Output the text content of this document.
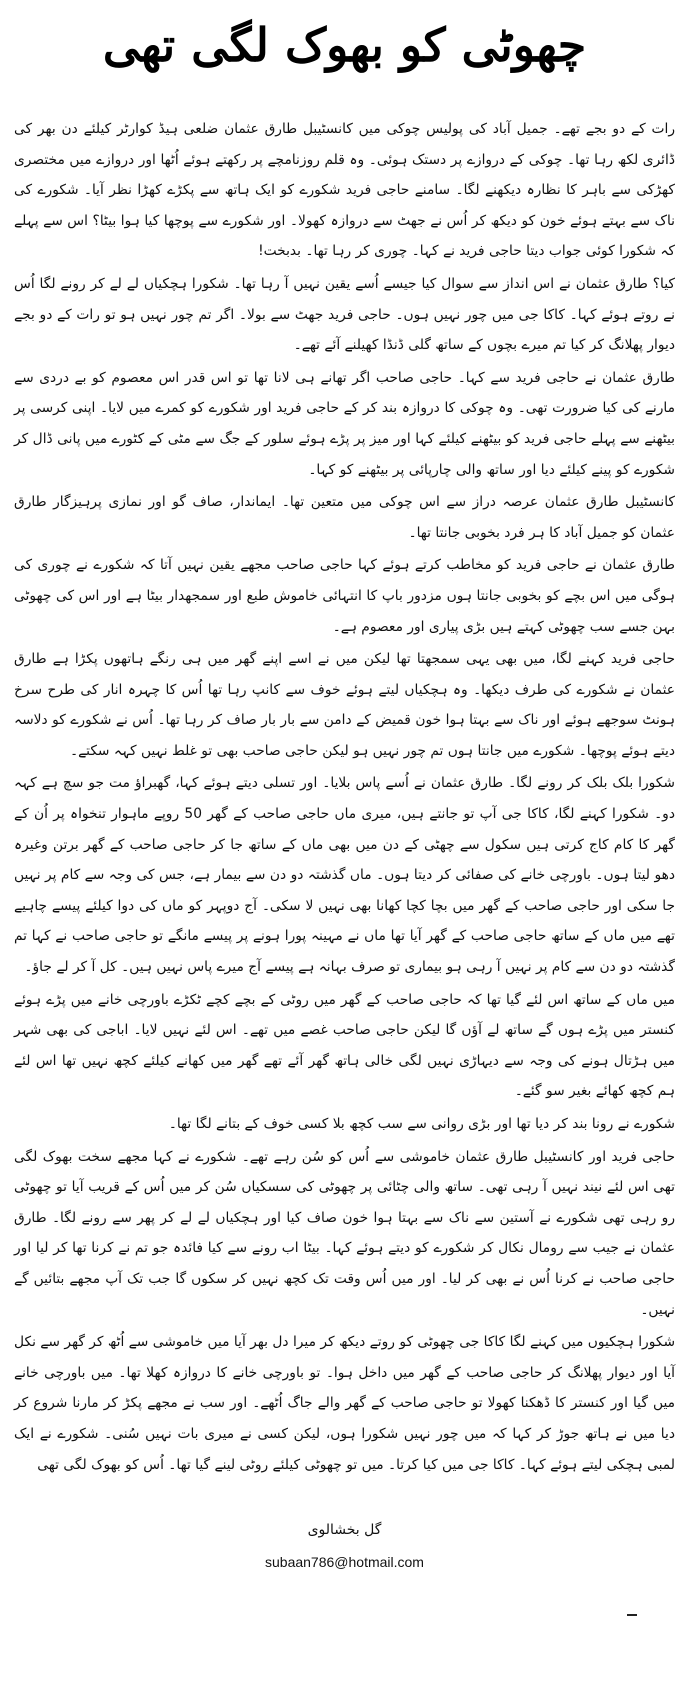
چھوٹی کو بھوک لگی تھی

رات کے دو بجے تھے۔ جمیل آباد کی پولیس چوکی میں کانسٹیبل طارق عثمان ضلعی ہیڈ کوارٹر کیلئے دن بھر کی ڈائری لکھ رہا تھا۔ چوکی کے دروازے پر دستک ہوئی۔ وہ قلم روزنامچے پر رکھتے ہوئے اُٹھا اور دروازے میں مختصری کھڑکی سے باہر کا نظارہ دیکھنے لگا۔ سامنے حاجی فرید شکورے کو ایک ہاتھ سے پکڑے کھڑا نظر آیا۔ شکورے کی ناک سے بہتے ہوئے خون کو دیکھ کر اُس نے جھٹ سے دروازہ کھولا۔ اور شکورے سے پوچھا کیا ہوا بیٹا؟ اس سے پہلے کہ شکورا کوئی جواب دیتا حاجی فرید نے کہا۔ چوری کر رہا تھا۔ بدبخت!

کیا؟ طارق عثمان نے اس انداز سے سوال کیا جیسے اُسے یقین نہیں آ رہا تھا۔ شکورا ہچکیاں لے لے کر رونے لگا اُس نے روتے ہوئے کہا۔ کاکا جی میں چور نہیں ہوں۔ حاجی فرید جھٹ سے بولا۔ اگر تم چور نہیں ہو تو رات کے دو بجے دیوار پھلانگ کر کیا تم میرے بچوں کے ساتھ گلی ڈنڈا کھیلنے آئے تھے۔

طارق عثمان نے حاجی فرید سے کہا۔ حاجی صاحب اگر تھانے ہی لانا تھا تو اس قدر اس معصوم کو بے دردی سے مارنے کی کیا ضرورت تھی۔ وہ چوکی کا دروازہ بند کر کے حاجی فرید اور شکورے کو کمرے میں لایا۔ اپنی کرسی پر بیٹھنے سے پہلے حاجی فرید کو بیٹھنے کیلئے کہا اور میز پر پڑے ہوئے سلور کے جگ سے مٹی کے کٹورے میں پانی ڈال کر شکورے کو پینے کیلئے دیا اور ساتھ والی چارپائی پر بیٹھنے کو کہا۔

کانسٹیبل طارق عثمان عرصہ دراز سے اس چوکی میں متعین تھا۔ ایماندار، صاف گو اور نمازی پرہیزگار طارق عثمان کو جمیل آباد کا ہر فرد بخوبی جانتا تھا۔

طارق عثمان نے حاجی فرید کو مخاطب کرتے ہوئے کہا حاجی صاحب مجھے یقین نہیں آتا کہ شکورے نے چوری کی ہوگی میں اس بچے کو بخوبی جانتا ہوں مزدور باپ کا انتہائی خاموش طبع اور سمجھدار بیٹا ہے اور اس کی چھوٹی بہن جسے سب چھوٹی کہتے ہیں بڑی پیاری اور معصوم ہے۔

حاجی فرید کہنے لگا، میں بھی یہی سمجھتا تھا لیکن میں نے اسے اپنے گھر میں ہی رنگے ہاتھوں پکڑا ہے طارق عثمان نے شکورے کی طرف دیکھا۔ وہ ہچکیاں لیتے ہوئے خوف سے کانپ رہا تھا اُس کا چہرہ انار کی طرح سرخ ہونٹ سوجھے ہوئے اور ناک سے بہتا ہوا خون قمیض کے دامن سے بار بار صاف کر رہا تھا۔ اُس نے شکورے کو دلاسہ دیتے ہوئے پوچھا۔ شکورے میں جانتا ہوں تم چور نہیں ہو لیکن حاجی صاحب بھی تو غلط نہیں کہہ سکتے۔

شکورا بلک بلک کر رونے لگا۔ طارق عثمان نے اُسے پاس بلایا۔ اور تسلی دیتے ہوئے کہا، گھبراؤ مت جو سچ ہے کہہ دو۔ شکورا کہنے لگا، کاکا جی آپ تو جانتے ہیں، میری ماں حاجی صاحب کے گھر 50 روپے ماہوار تنخواہ پر اُن کے گھر کا کام کاج کرتی ہیں سکول سے چھٹی کے دن میں بھی ماں کے ساتھ جا کر حاجی صاحب کے گھر برتن وغیرہ دھو لیتا ہوں۔ باورچی خانے کی صفائی کر دیتا ہوں۔ ماں گذشتہ دو دن سے بیمار ہے، جس کی وجہ سے کام پر نہیں جا سکی اور حاجی صاحب کے گھر میں بچا کچا کھانا بھی نہیں لا سکی۔ آج دوپہر کو ماں کی دوا کیلئے پیسے چاہیے تھے میں ماں کے ساتھ حاجی صاحب کے گھر آیا تھا ماں نے مہینہ پورا ہونے پر پیسے مانگے تو حاجی صاحب نے کہا تم گذشتہ دو دن سے کام پر نہیں آ رہی ہو بیماری تو صرف بہانہ ہے پیسے آج میرے پاس نہیں ہیں۔ کل آ کر لے جاؤ۔

میں ماں کے ساتھ اس لئے گیا تھا کہ حاجی صاحب کے گھر میں روٹی کے بچے کچے ٹکڑے باورچی خانے میں پڑے ہوئے کنستر میں پڑے ہوں گے ساتھ لے آؤں گا لیکن حاجی صاحب غصے میں تھے۔ اس لئے نہیں لایا۔ اباجی کی بھی شہر میں ہڑتال ہونے کی وجہ سے دیہاڑی نہیں لگی خالی ہاتھ گھر آئے تھے گھر میں کھانے کیلئے کچھ نہیں تھا اس لئے ہم کچھ کھائے بغیر سو گئے۔

شکورے نے رونا بند کر دیا تھا اور بڑی روانی سے سب کچھ بلا کسی خوف کے بتانے لگا تھا۔

حاجی فرید اور کانسٹیبل طارق عثمان خاموشی سے اُس کو سُن رہے تھے۔ شکورے نے کہا مجھے سخت بھوک لگی تھی اس لئے نیند نہیں آ رہی تھی۔ ساتھ والی چٹائی پر چھوٹی کی سسکیاں سُن کر میں اُس کے قریب آیا تو چھوٹی رو رہی تھی شکورے نے آستین سے ناک سے بہتا ہوا خون صاف کیا اور ہچکیاں لے لے کر پھر سے رونے لگا۔ طارق عثمان نے جیب سے رومال نکال کر شکورے کو دیتے ہوئے کہا۔ بیٹا اب رونے سے کیا فائدہ جو تم نے کرنا تھا کر لیا اور حاجی صاحب نے کرنا اُس نے بھی کر لیا۔ اور میں اُس وقت تک کچھ نہیں کر سکوں گا جب تک آپ مجھے بتائیں گے نہیں۔

شکورا ہچکیوں میں کہنے لگا کاکا جی چھوٹی کو روتے دیکھ کر میرا دل بھر آیا میں خاموشی سے اُٹھ کر گھر سے نکل آیا اور دیوار پھلانگ کر حاجی صاحب کے گھر میں داخل ہوا۔ تو باورچی خانے کا دروازہ کھلا تھا۔ میں باورچی خانے میں گیا اور کنستر کا ڈھکنا کھولا تو حاجی صاحب کے گھر والے جاگ اُٹھے۔ اور سب نے مجھے پکڑ کر مارنا شروع کر دیا میں نے ہاتھ جوڑ کر کہا کہ میں چور نہیں شکورا ہوں، لیکن کسی نے میری بات نہیں سُنی۔ شکورے نے ایک لمبی ہچکی لیتے ہوئے کہا۔ کاکا جی میں کیا کرتا۔ میں تو چھوٹی کیلئے روٹی لینے گیا تھا۔ اُس کو بھوک لگی تھی

گل بخشالوی
subaan786@hotmail.com
